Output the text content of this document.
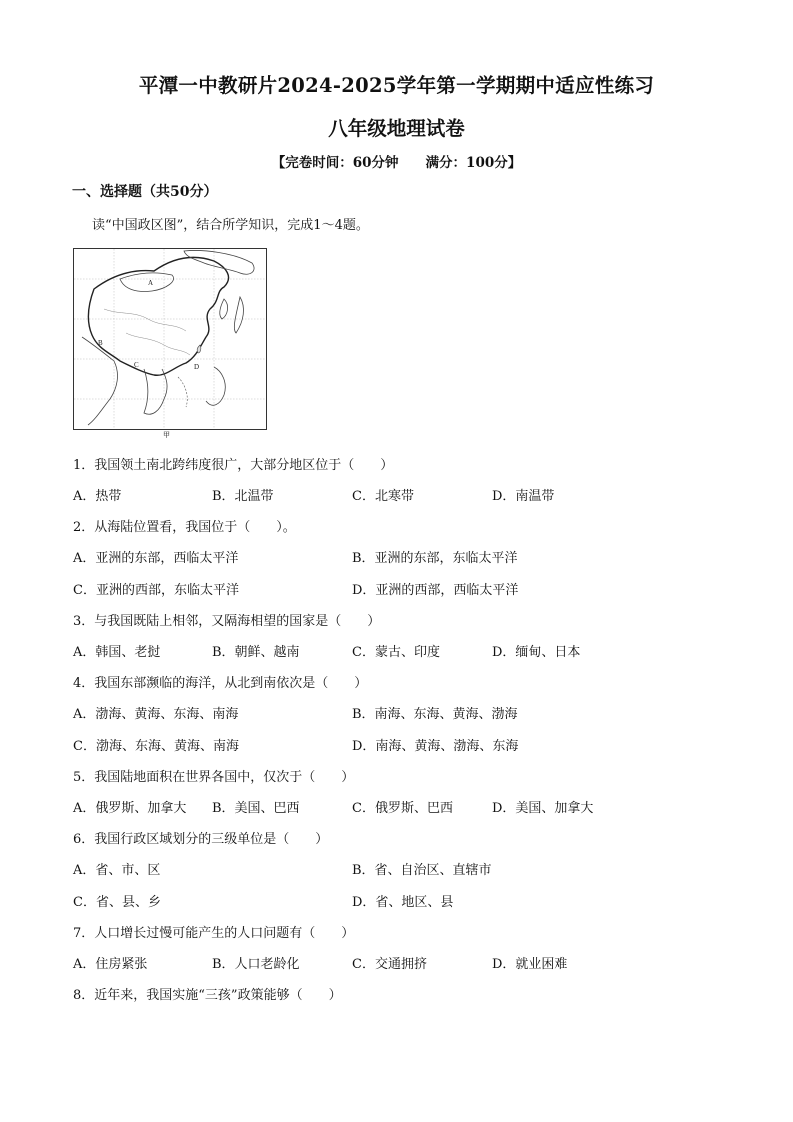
平潭一中教研片2024-2025学年第一学期期中适应性练习
八年级地理试卷
【完卷时间：60分钟　　满分：100分】
一、选择题（共50分）
读“中国政区图”，结合所学知识，完成1～4题。
A
B
C	D
甲
1．我国领土南北跨纬度很广，大部分地区位于（　　）
A．热带	B．北温带	C．北寒带	D．南温带
2．从海陆位置看，我国位于（　　）。
A．亚洲的东部，西临太平洋	B．亚洲的东部，东临太平洋
C．亚洲的西部，东临太平洋	D．亚洲的西部，西临太平洋
3．与我国既陆上相邻，又隔海相望的国家是（　　）
A．韩国、老挝	B．朝鲜、越南	C．蒙古、印度	D．缅甸、日本
4．我国东部濒临的海洋，从北到南依次是（　　）
A．渤海、黄海、东海、南海	B．南海、东海、黄海、渤海
C．渤海、东海、黄海、南海	D．南海、黄海、渤海、东海
5．我国陆地面积在世界各国中，仅次于（　　）
A．俄罗斯、加拿大 B．美国、巴西	C．俄罗斯、巴西	D．美国、加拿大
6．我国行政区域划分的三级单位是（　　）
A．省、市、区	B．省、自治区、直辖市
C．省、县、乡	D．省、地区、县
7．人口增长过慢可能产生的人口问题有（　　）
A．住房紧张	B．人口老龄化	C．交通拥挤	D．就业困难
8．近年来，我国实施“三孩”政策能够（　　）
